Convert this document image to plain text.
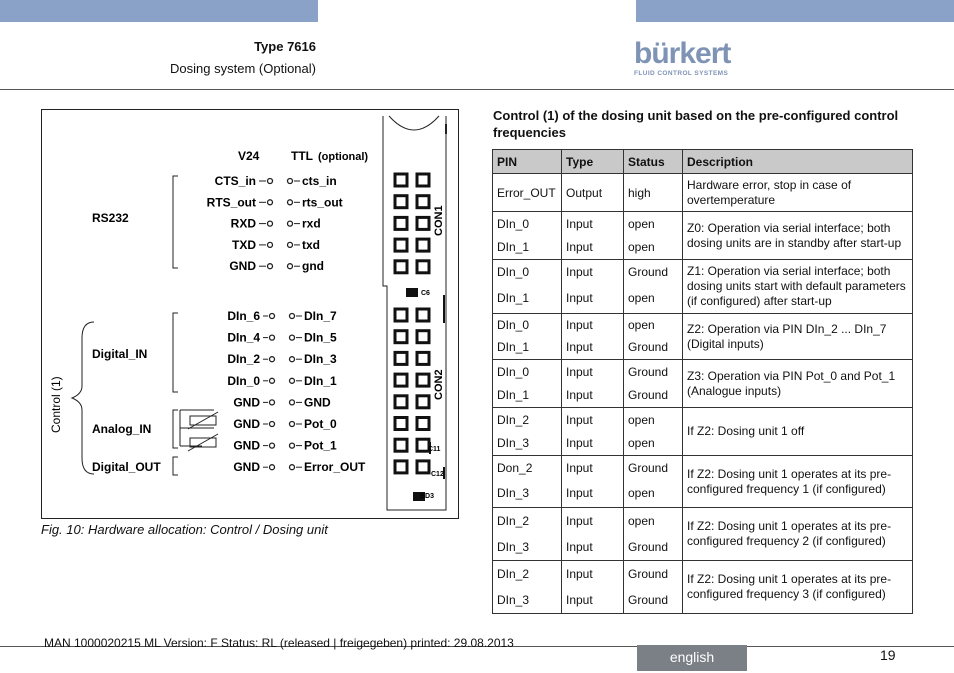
Type 7616
Dosing system (Optional)	bürkert
FLUID CONTROL SYSTEMS
C6
C11
C12
BD3
CON1
CON2
V24	TTL (optional)
RS232
Digital_IN
Analog_IN
Digital_OUT
Control (1)
CTS_in	cts_in
RTS_out	rts_out
RXD	rxd
TXD	txd
GND	gnd
DIn_6	DIn_7
DIn_4	DIn_5
DIn_2	DIn_3
DIn_0	DIn_1
GND	GND
GND	Pot_0
GND	Pot_1
GND	Error_OUT
Fig. 10: Hardware allocation: Control / Dosing unit
Control (1) of the dosing unit based on the pre-configured control frequencies
PIN	Type	Status	Description
Error_OUT	Output	high	Hardware error, stop in case of overtemperature
DIn_0	Input	open	Z0: Operation via serial interface; both dosing units are in standby after start-up
DIn_1	Input	open	
DIn_0	Input	Ground	Z1: Operation via serial interface; both dosing units start with default parameters (if configured) after start-up
DIn_1	Input	open	
DIn_0	Input	open	Z2: Operation via PIN DIn_2 ... DIn_7 (Digital inputs)
DIn_1	Input	Ground	
DIn_0	Input	Ground	Z3: Operation via PIN Pot_0 and Pot_1 (Analogue inputs)
DIn_1	Input	Ground	
DIn_2	Input	open	If Z2: Dosing unit 1 off
DIn_3	Input	open	
Don_2	Input	Ground	If Z2: Dosing unit 1 operates at its pre-configured frequency 1 (if configured)
DIn_3	Input	open	
DIn_2	Input	open	If Z2: Dosing unit 1 operates at its pre-configured frequency 2 (if configured)
DIn_3	Input	Ground	
DIn_2	Input	Ground	If Z2: Dosing unit 1 operates at its pre-configured frequency 3 (if configured)
DIn_3	Input	Ground	
MAN 1000020215 ML Version: F Status: RL (released | freigegeben) printed: 29.08.2013
english	19
